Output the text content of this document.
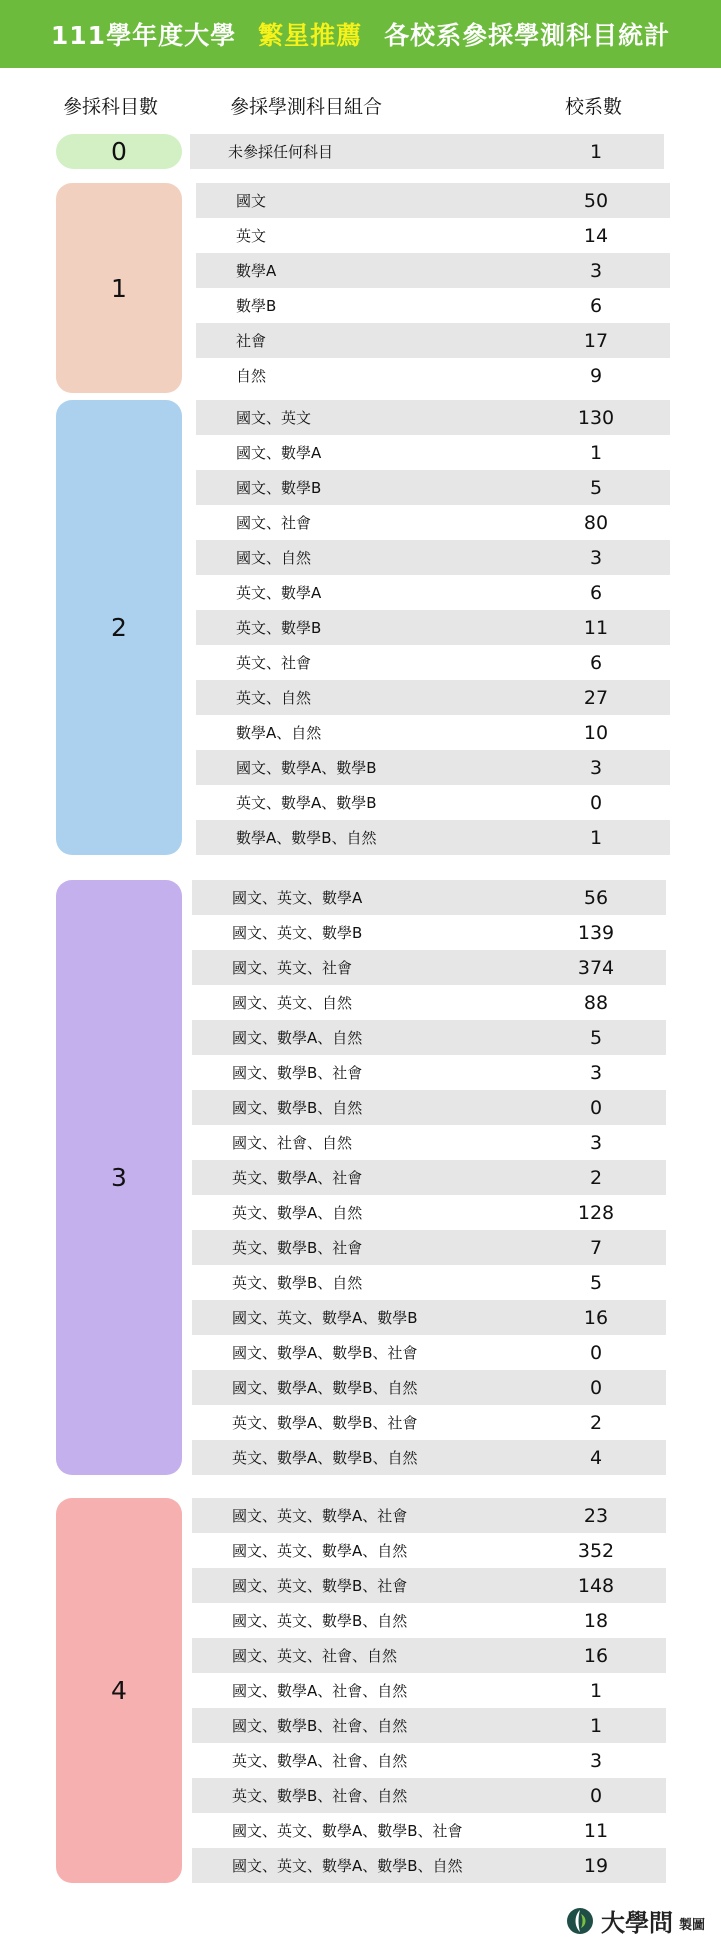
111學年度大學 繁星推薦 各校系參採學測科目統計
參採科目數	參採學測科目組合	校系數
0	未參採任何科目	1
1
國文	50
英文	14
數學A	3
數學B	6
社會	17
自然	9
2
國文、英文	130
國文、數學A	1
國文、數學B	5
國文、社會	80
國文、自然	3
英文、數學A	6
英文、數學B	11
英文、社會	6
英文、自然	27
數學A、自然	10
國文、數學A、數學B	3
英文、數學A、數學B	0
數學A、數學B、自然	1
3
國文、英文、數學A	56
國文、英文、數學B	139
國文、英文、社會	374
國文、英文、自然	88
國文、數學A、自然	5
國文、數學B、社會	3
國文、數學B、自然	0
國文、社會、自然	3
英文、數學A、社會	2
英文、數學A、自然	128
英文、數學B、社會	7
英文、數學B、自然	5
國文、英文、數學A、數學B	16
國文、數學A、數學B、社會	0
國文、數學A、數學B、自然	0
英文、數學A、數學B、社會	2
英文、數學A、數學B、自然	4
4
國文、英文、數學A、社會	23
國文、英文、數學A、自然	352
國文、英文、數學B、社會	148
國文、英文、數學B、自然	18
國文、英文、社會、自然	16
國文、數學A、社會、自然	1
國文、數學B、社會、自然	1
英文、數學A、社會、自然	3
英文、數學B、社會、自然	0
國文、英文、數學A、數學B、社會	11
國文、英文、數學A、數學B、自然	19
大學問 製圖
